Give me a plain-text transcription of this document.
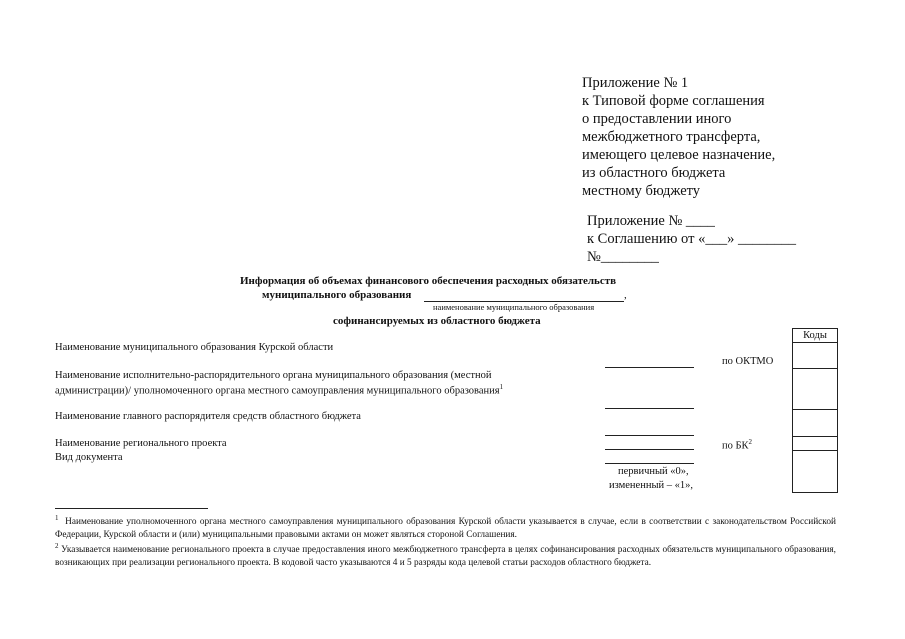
Приложение № 1
к Типовой форме соглашения
о предоставлении иного
межбюджетного трансферта,
имеющего целевое назначение,
из областного бюджета
местному бюджету
Приложение № ____
к Соглашению от «___» ________
№________
Информация об объемах финансового обеспечения расходных обязательств
муниципального образования	,
наименование муниципального образования
софинансируемых из областного бюджета
Коды
Наименование муниципального образования Курской области
Наименование исполнительно-распорядительного органа муниципального образования (местной
администрации)/ уполномоченного органа местного самоуправления муниципального образования$^1$
Наименование главного распорядителя средств областного бюджета
Наименование регионального проекта
Вид документа
по ОКТМО
по $БК^2$
первичный «0»,
измененный – «1»,
$^1$ Наименование уполномоченного органа местного самоуправления муниципального образования Курской области указывается в случае, если в соответствии с законодательством Российской Федерации, Курской области и (или) муниципальными правовыми актами он может являться стороной Соглашения.
$^2$ Указывается наименование регионального проекта в случае предоставления иного межбюджетного трансферта в целях софинансирования расходных обязательств муниципального образования, возникающих при реализации регионального проекта. В кодовой часто указываются 4 и 5 разряды кода целевой статьи расходов областного бюджета.
